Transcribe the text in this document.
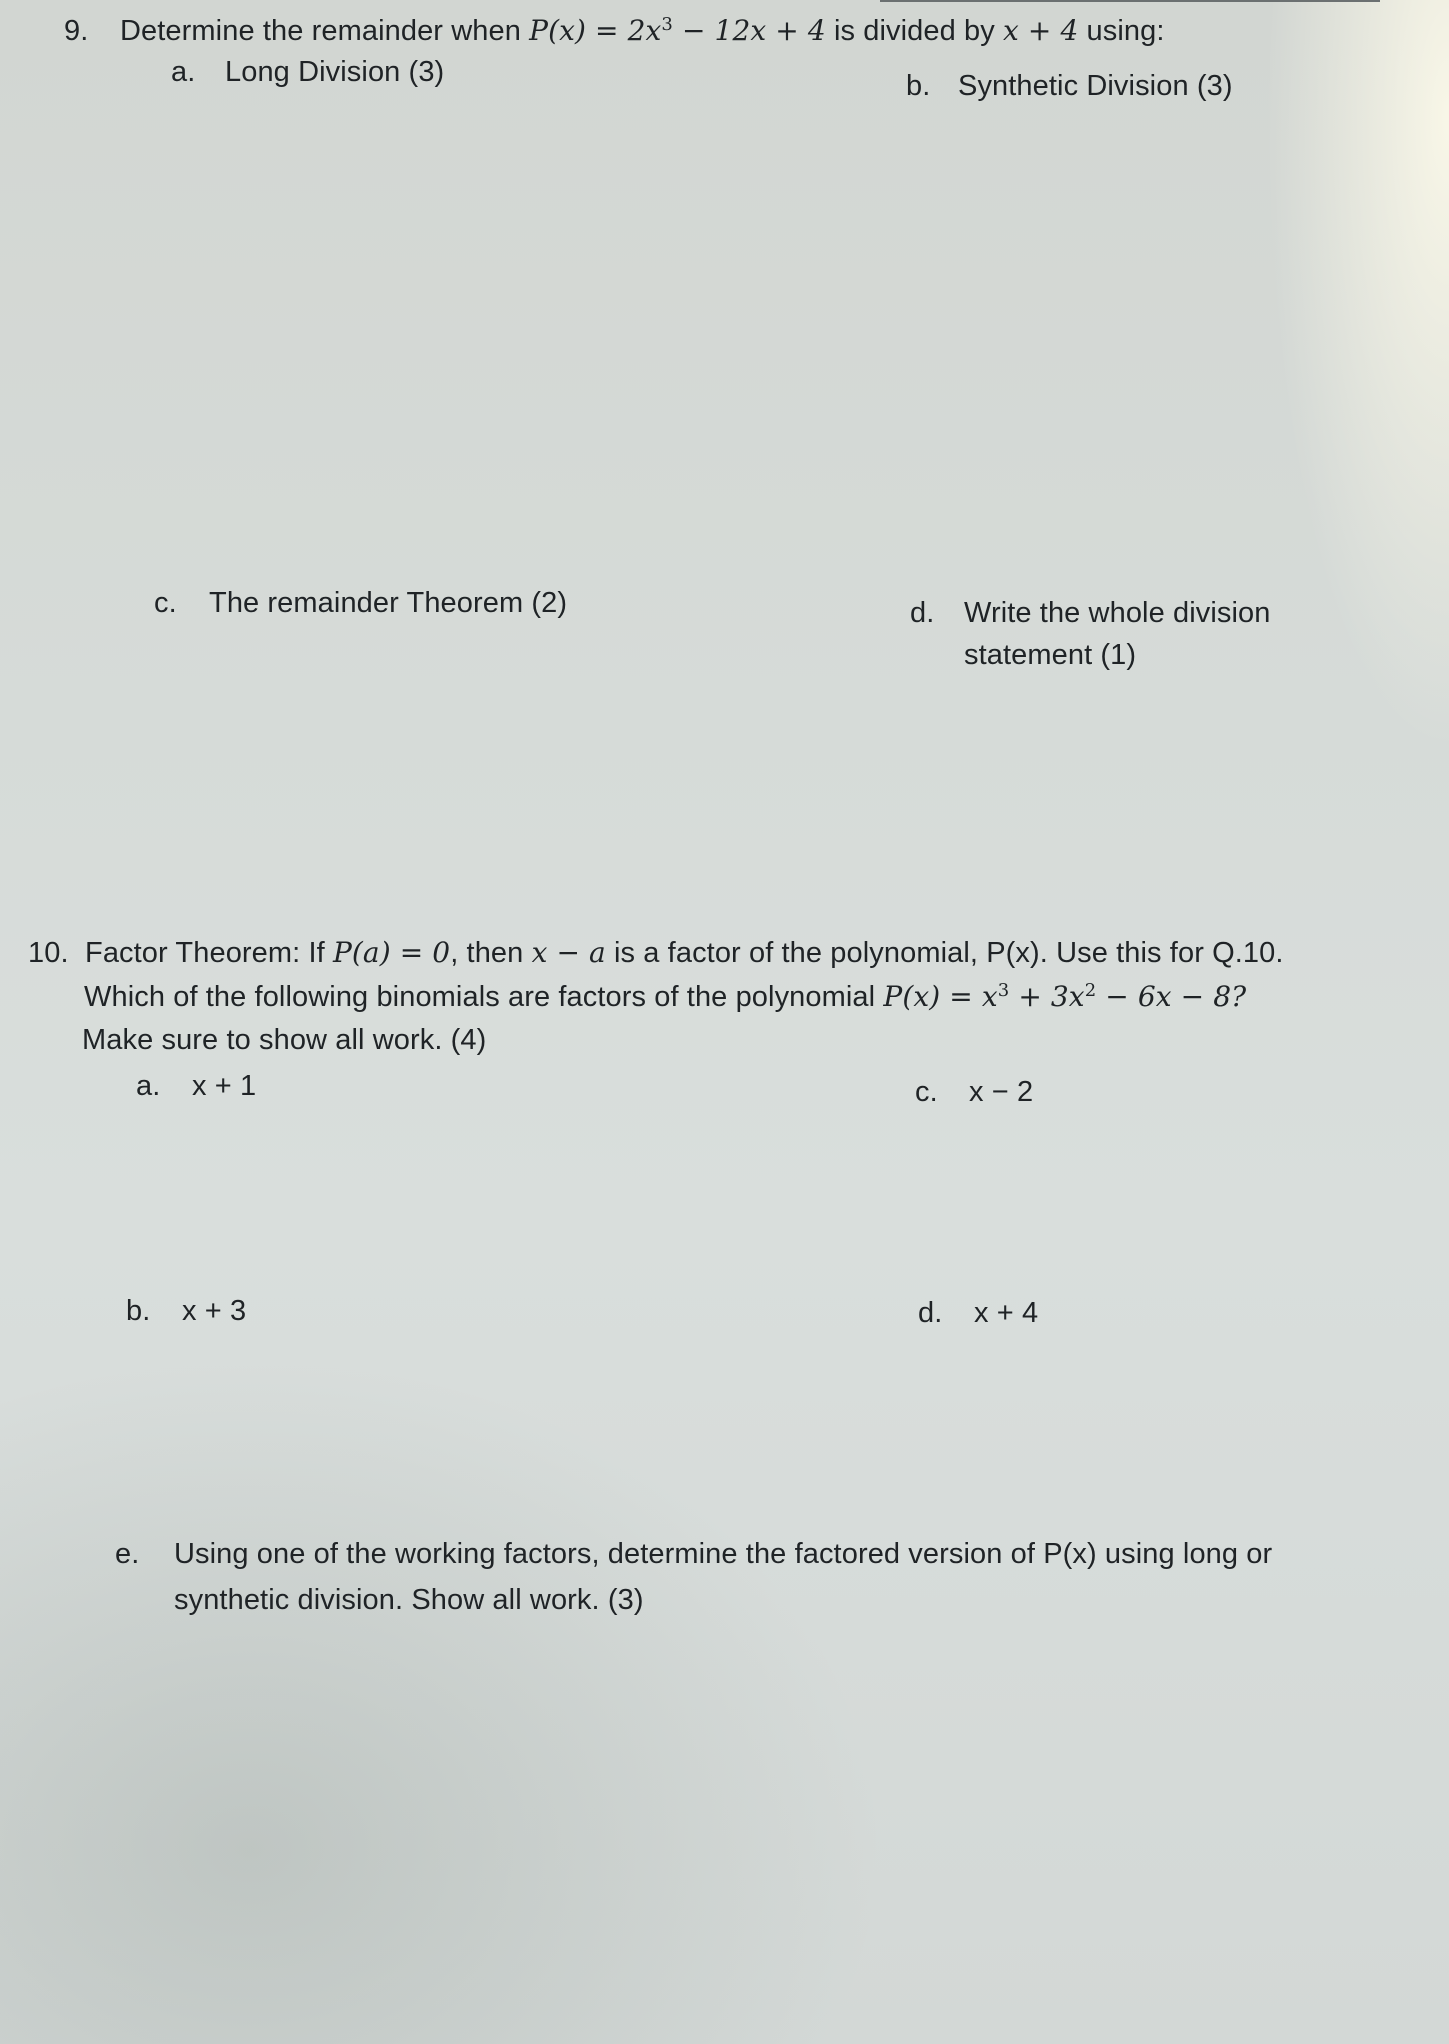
9. Determine the remainder when $P(x) = 2x^3 - 12x + 4$ is divided by x + 4 using:
a. Long Division (3)	b. Synthetic Division (3)
c. The remainder Theorem (2)	d. Write the whole division
statement (1)
10. Factor Theorem: If P(a) = 0, then x − a is a factor of the polynomial, P(x). Use this for Q.10.
Which of the following binomials are factors of the polynomial $P(x) = x^3 + 3x^2 - 6x - 8$?
Make sure to show all work. (4)
a. x + 1	c. x − 2
b. x + 3	d. x + 4
e. Using one of the working factors, determine the factored version of P(x) using long or
synthetic division. Show all work. (3)
